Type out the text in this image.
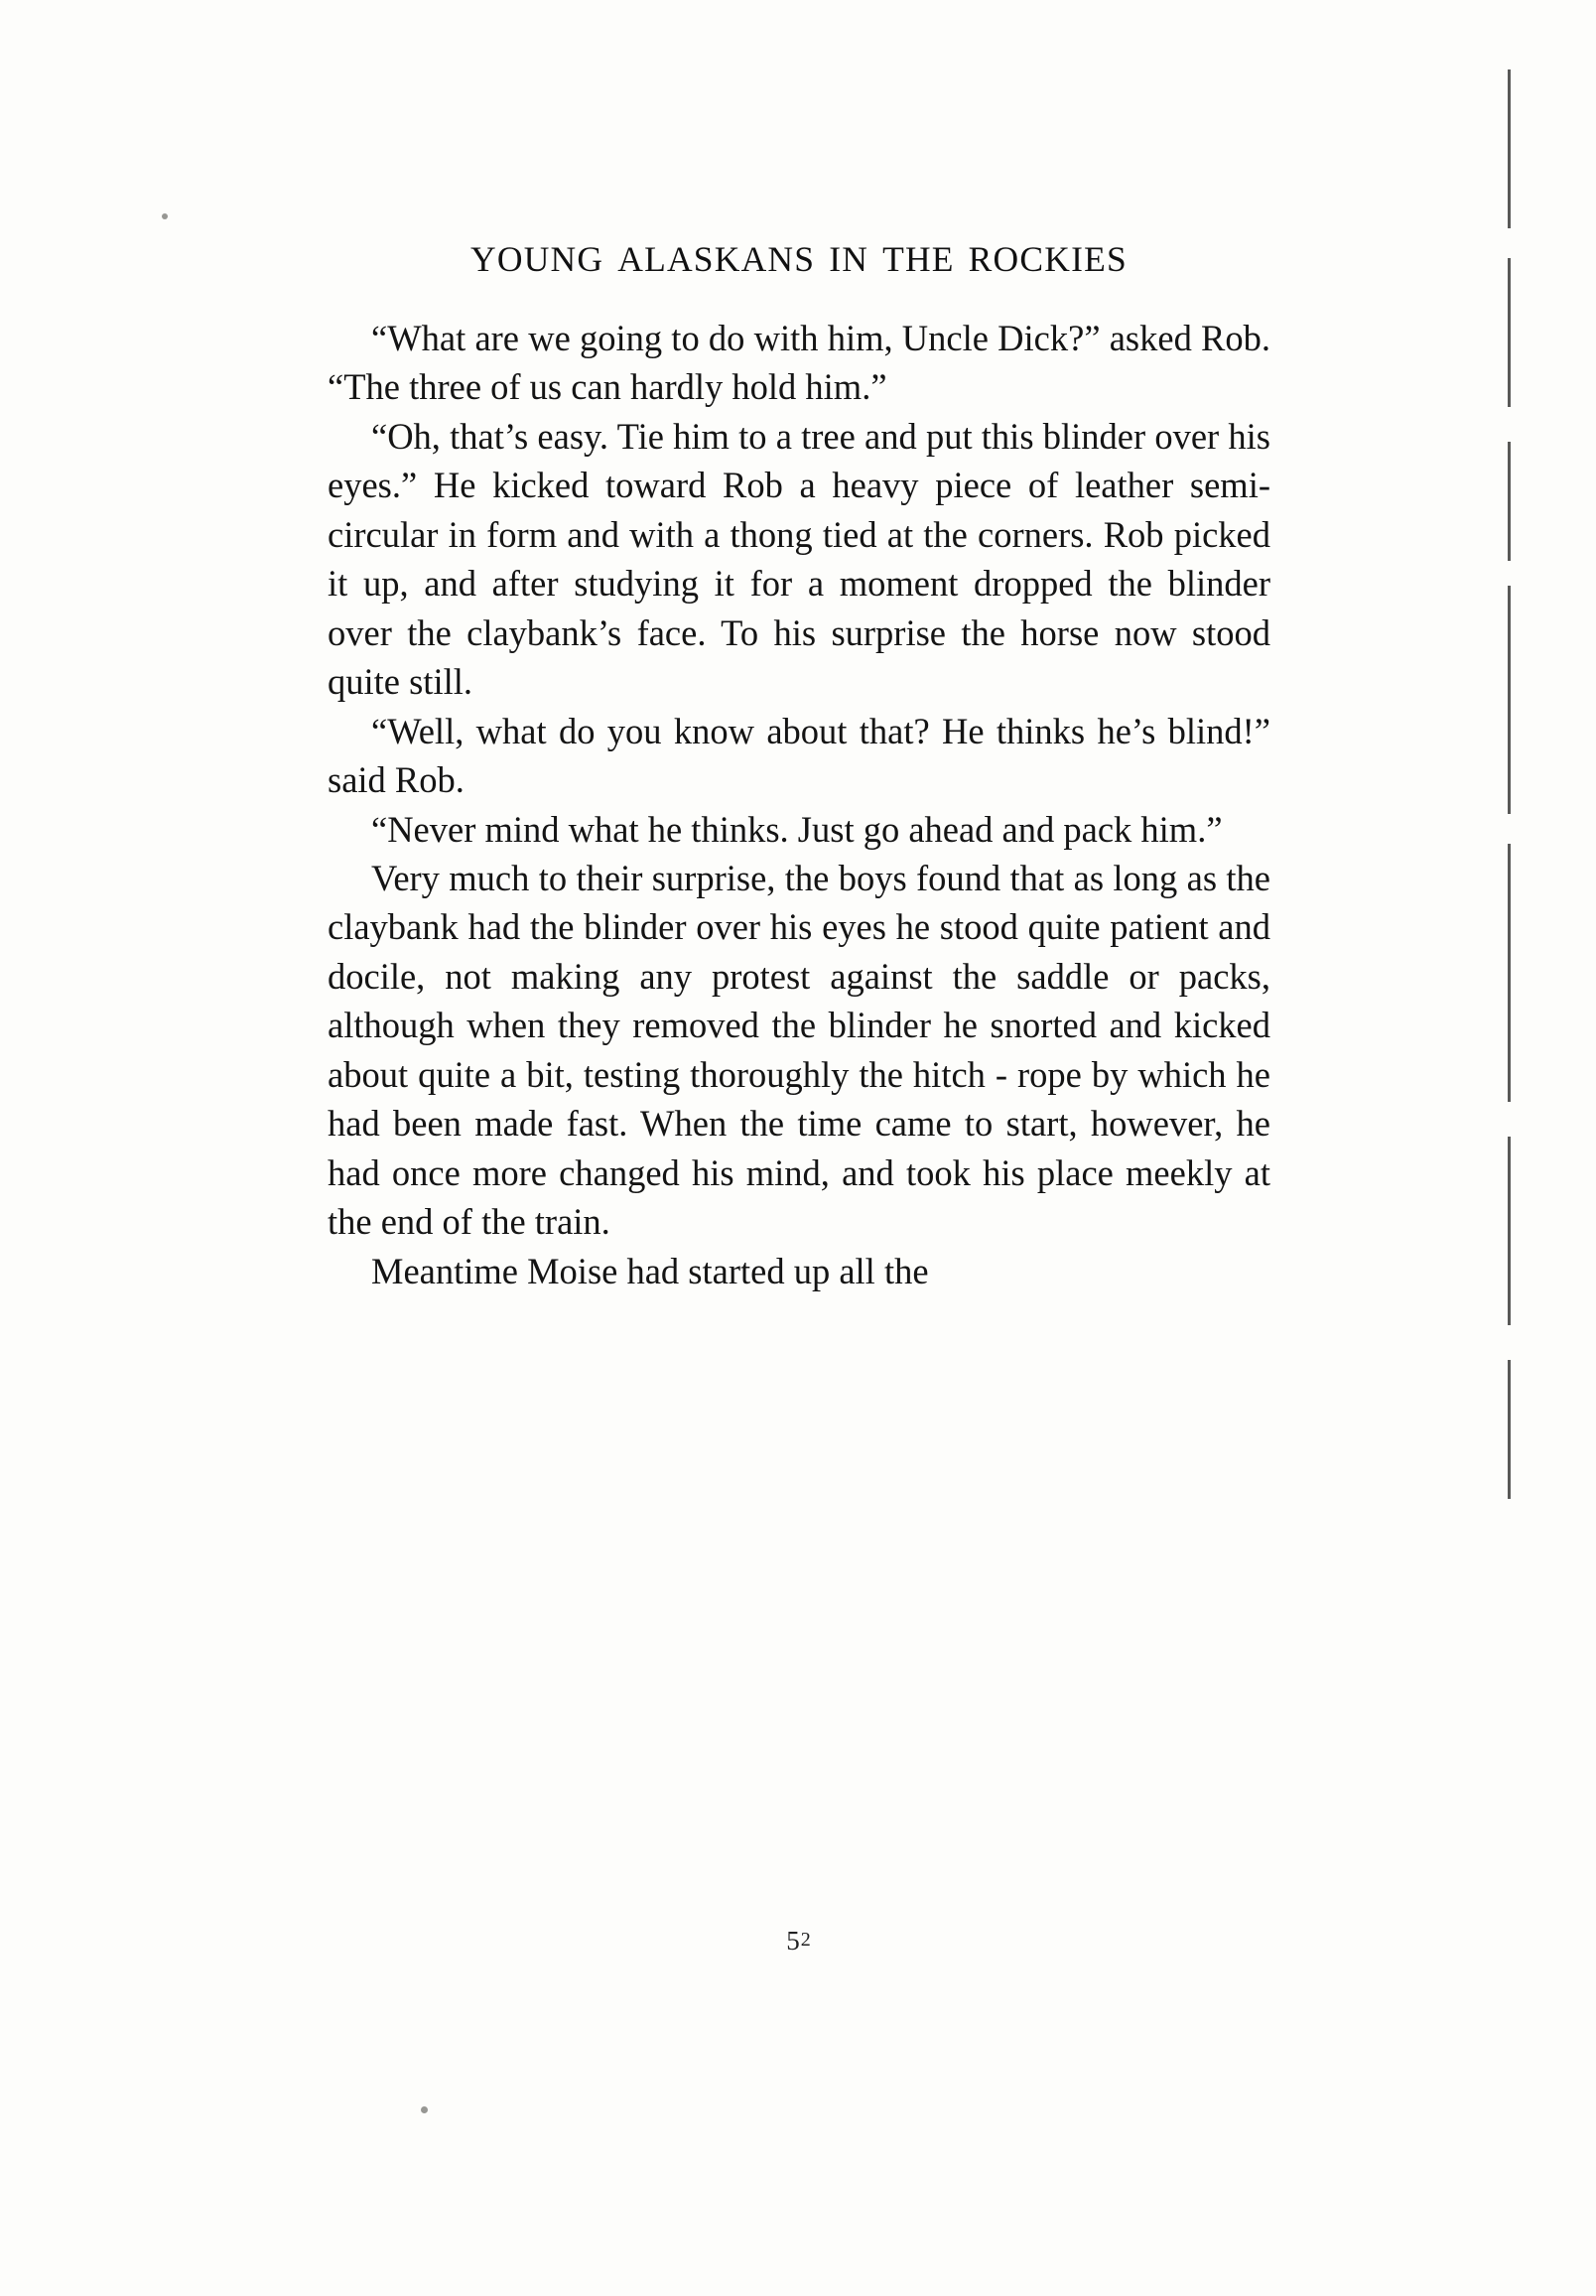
YOUNG ALASKANS IN THE ROCKIES

“What are we going to do with him, Uncle Dick?” asked Rob. “The three of us can hardly hold him.”

“Oh, that’s easy. Tie him to a tree and put this blinder over his eyes.” He kicked toward Rob a heavy piece of leather semi-circular in form and with a thong tied at the corners. Rob picked it up, and after studying it for a moment dropped the blinder over the claybank’s face. To his surprise the horse now stood quite still.

“Well, what do you know about that? He thinks he’s blind!” said Rob.

“Never mind what he thinks. Just go ahead and pack him.”

Very much to their surprise, the boys found that as long as the claybank had the blinder over his eyes he stood quite patient and docile, not making any protest against the saddle or packs, although when they removed the blinder he snorted and kicked about quite a bit, testing thoroughly the hitch - rope by which he had been made fast. When the time came to start, however, he had once more changed his mind, and took his place meekly at the end of the train.

Meantime Moise had started up all the

$5^2$
